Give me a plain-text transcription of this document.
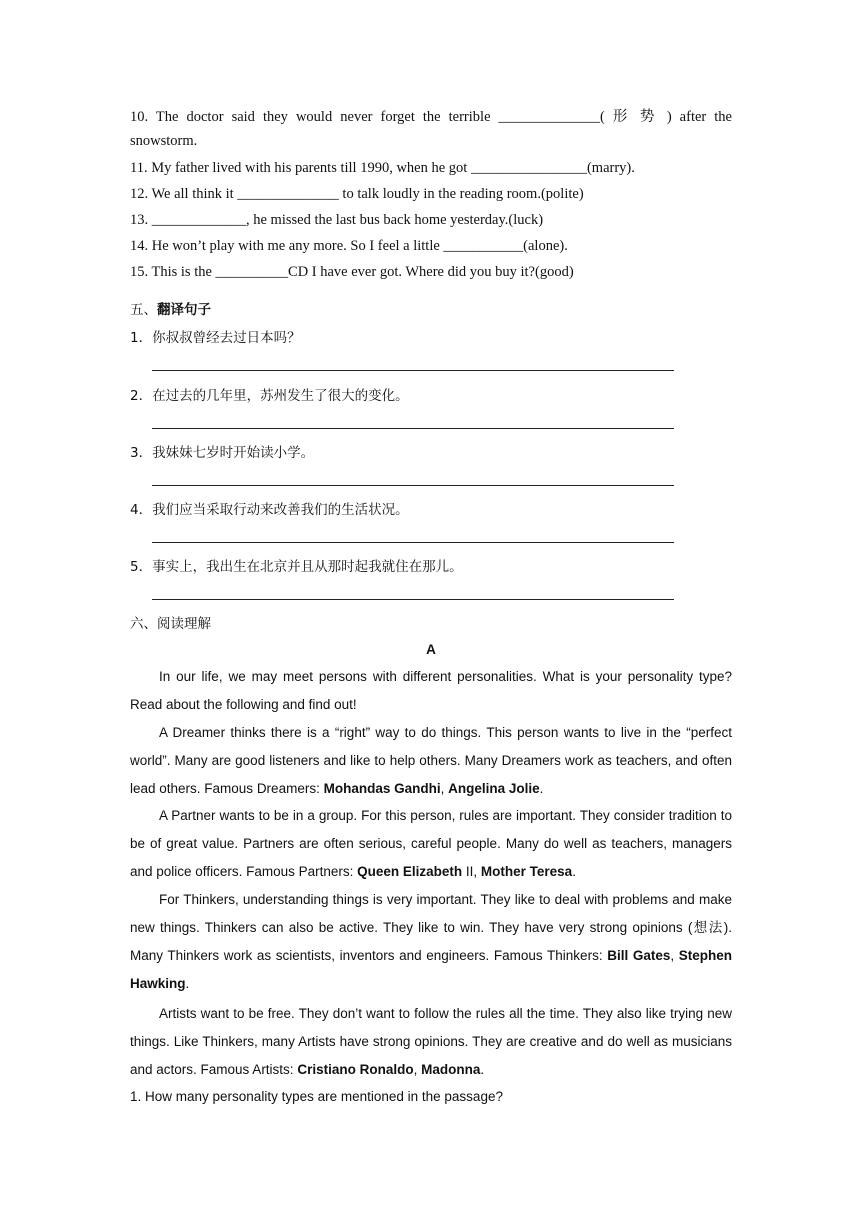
10. The doctor said they would never forget the terrible ______________( 形 势 ) after the
snowstorm.
11. My father lived with his parents till 1990, when he got ________________(marry).
12. We all think it ______________ to talk loudly in the reading room.(polite)
13. _____________, he missed the last bus back home yesterday.(luck)
14. He won’t play with me any more. So I feel a little ___________(alone).
15. This is the __________CD I have ever got. Where did you buy it?(good)
五、翻译句子
1．你叔叔曾经去过日本吗？
2．在过去的几年里，苏州发生了很大的变化。
3．我妹妹七岁时开始读小学。
4．我们应当采取行动来改善我们的生活状况。
5．事实上，我出生在北京并且从那时起我就住在那儿。
六、阅读理解
A
In our life, we may meet persons with different personalities. What is your personality type? Read about the following and find out!
A Dreamer thinks there is a “right” way to do things. This person wants to live in the “perfect world”. Many are good listeners and like to help others. Many Dreamers work as teachers, and often lead others. Famous Dreamers: Mohandas Gandhi, Angelina Jolie.
A Partner wants to be in a group. For this person, rules are important. They consider tradition to be of great value. Partners are often serious, careful people. Many do well as teachers, managers and police officers. Famous Partners: Queen Elizabeth II, Mother Teresa.
For Thinkers, understanding things is very important. They like to deal with problems and make new things. Thinkers can also be active. They like to win. They have very strong opinions (想法). Many Thinkers work as scientists, inventors and engineers. Famous Thinkers: Bill Gates, Stephen Hawking.
Artists want to be free. They don’t want to follow the rules all the time. They also like trying new things. Like Thinkers, many Artists have strong opinions. They are creative and do well as musicians and actors. Famous Artists: Cristiano Ronaldo, Madonna.
1. How many personality types are mentioned in the passage?
